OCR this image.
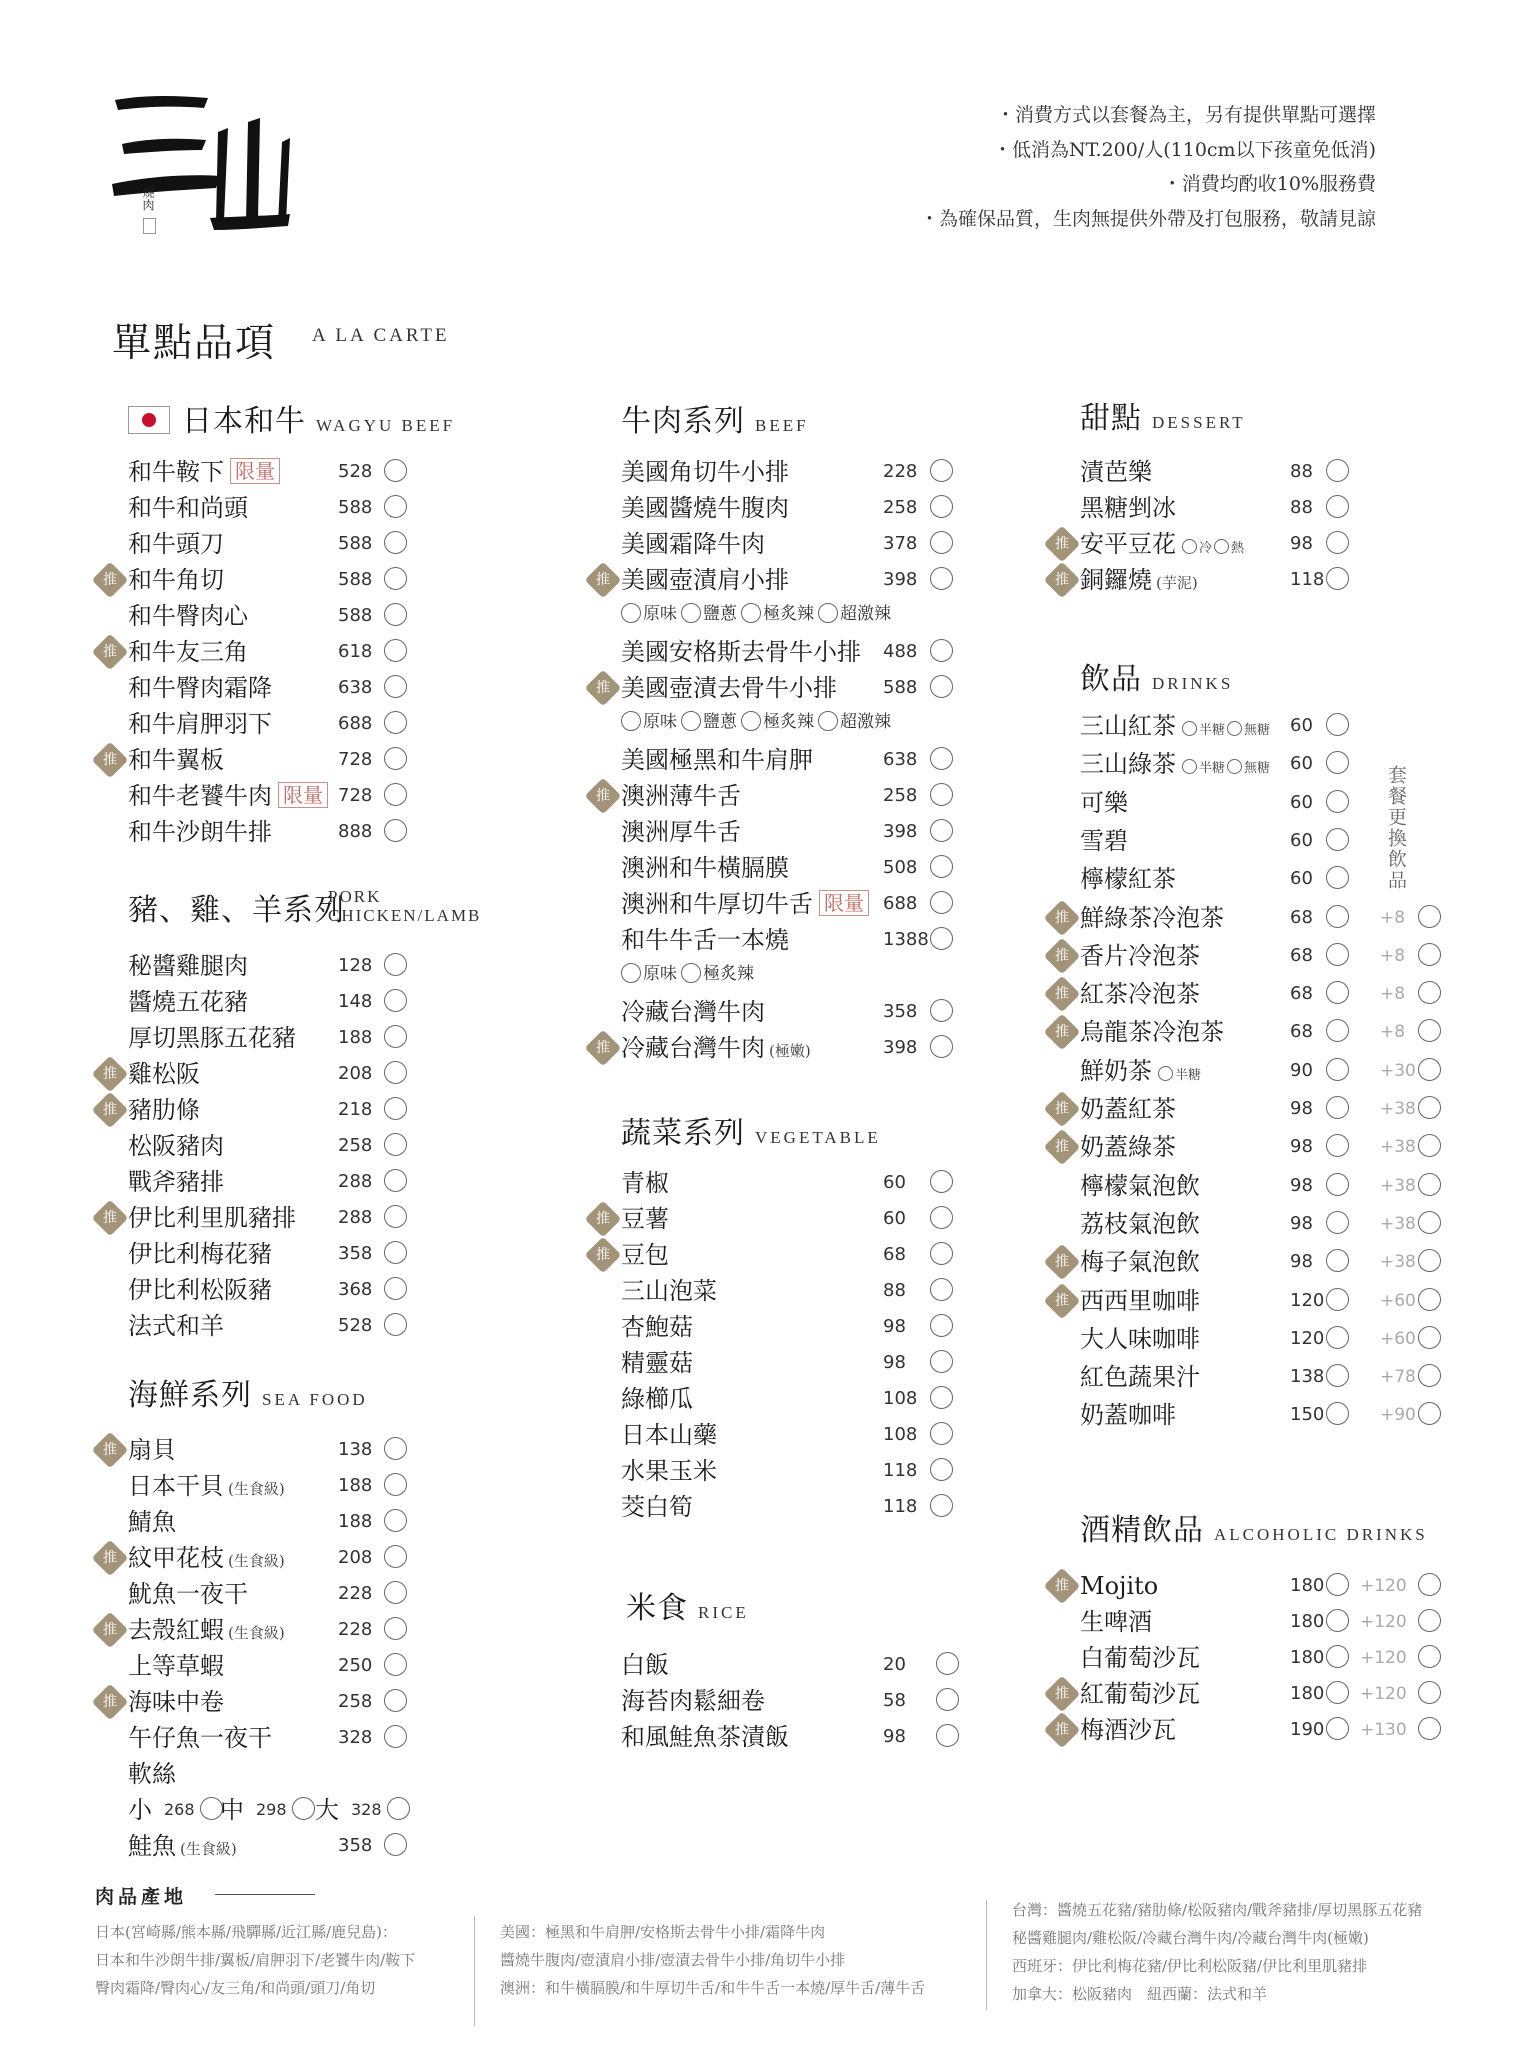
燒肉
・ 消費方式以套餐為主，另有提供單點可選擇
・ 低消為NT.200/人(110cm以下孩童免低消)
・ 消費均酌收10%服務費
・ 為確保品質，生肉無提供外帶及打包服務，敬請見諒
單點品項 A LA CARTE
日本和牛 WAGYU BEEF
豬、雞、羊系列
PORK
CHICKEN/LAMB
海鮮系列 SEA FOOD
牛肉系列 BEEF
蔬菜系列 VEGETABLE
米食 RICE
甜點 DESSERT
飲品 DRINKS
酒精飲品 ALCOHOLIC DRINKS
套餐更換飲品
和牛鞍下 限量	528
和牛和尚頭	588
和牛頭刀	588
推 和牛角切	588
和牛臀肉心	588
推 和牛友三角	618
和牛臀肉霜降	638
和牛肩胛羽下	688
推 和牛翼板	728
和牛老饕牛肉 限量 728
和牛沙朗牛排	888
秘醬雞腿肉	128
醬燒五花豬	148
厚切黑豚五花豬 188
推 雞松阪	208
推 豬肋條	218
松阪豬肉	258
戰斧豬排	288
推 伊比利里肌豬排 288
伊比利梅花豬	358
伊比利松阪豬	368
法式和羊	528
推 扇貝	138
日本干貝 (生食級)	188
鯖魚	188
推 紋甲花枝 (生食級)	208
魷魚一夜干	228
推 去殼紅蝦 (生食級)	228
上等草蝦	250
推 海味中卷	258
午仔魚一夜干	328
軟絲
小 268 中 298 大 328
鮭魚 (生食級)	358
美國角切牛小排	228
美國醬燒牛腹肉	258
美國霜降牛肉	378
推 美國壺漬肩小排	398
美國安格斯去骨牛小排 488
推 美國壺漬去骨牛小排	588
美國極黑和牛肩胛	638
推 澳洲薄牛舌	258
澳洲厚牛舌	398
澳洲和牛橫膈膜	508
澳洲和牛厚切牛舌 限量 688
和牛牛舌一本燒	1388
冷藏台灣牛肉	358
推 冷藏台灣牛肉 (極嫩)	398
原味 鹽蔥 極炙辣 超激辣
原味 鹽蔥 極炙辣 超激辣
原味 極炙辣
青椒	60
推 豆薯	60
推 豆包	68
三山泡菜	88
杏鮑菇	98
精靈菇	98
綠櫛瓜	108
日本山藥	108
水果玉米	118
茭白筍	118
白飯	20
海苔肉鬆細卷	58
和風鮭魚茶漬飯	98
漬芭樂	88
黑糖剉冰	88
推 安平豆花 冷 熱	98
推 銅鑼燒 (芋泥)	118
三山紅茶 半糖 無糖 60
三山綠茶 半糖 無糖 60
可樂	60
雪碧	60
檸檬紅茶	60
推 鮮綠茶冷泡茶	68	+8
推 香片冷泡茶	68	+8
推 紅茶冷泡茶	68	+8
推 烏龍茶冷泡茶	68	+8
鮮奶茶 半糖	90	+30
推 奶蓋紅茶	98	+38
推 奶蓋綠茶	98	+38
檸檬氣泡飲	98	+38
荔枝氣泡飲	98	+38
推 梅子氣泡飲	98	+38
推 西西里咖啡	120	+60
大人味咖啡	120	+60
紅色蔬果汁	138	+78
奶蓋咖啡	150	+90
推 Mojito	180 +120
生啤酒	180 +120
白葡萄沙瓦	180 +120
推 紅葡萄沙瓦	180 +120
推 梅酒沙瓦	190 +130
肉品產地
日本(宮崎縣/熊本縣/飛驒縣/近江縣/鹿兒島)：
日本和牛沙朗牛排/翼板/肩胛羽下/老饕牛肉/鞍下
臀肉霜降/臀肉心/友三角/和尚頭/頭刀/角切
美國：極黑和牛肩胛/安格斯去骨牛小排/霜降牛肉
醬燒牛腹肉/壺漬肩小排/壺漬去骨牛小排/角切牛小排
澳洲：和牛橫膈膜/和牛厚切牛舌/和牛牛舌一本燒/厚牛舌/薄牛舌
台灣：醬燒五花豬/豬肋條/松阪豬肉/戰斧豬排/厚切黑豚五花豬
秘醬雞腿肉/雞松阪/冷藏台灣牛肉/冷藏台灣牛肉(極嫩)
西班牙：伊比利梅花豬/伊比利松阪豬/伊比利里肌豬排
加拿大：松阪豬肉　紐西蘭：法式和羊
